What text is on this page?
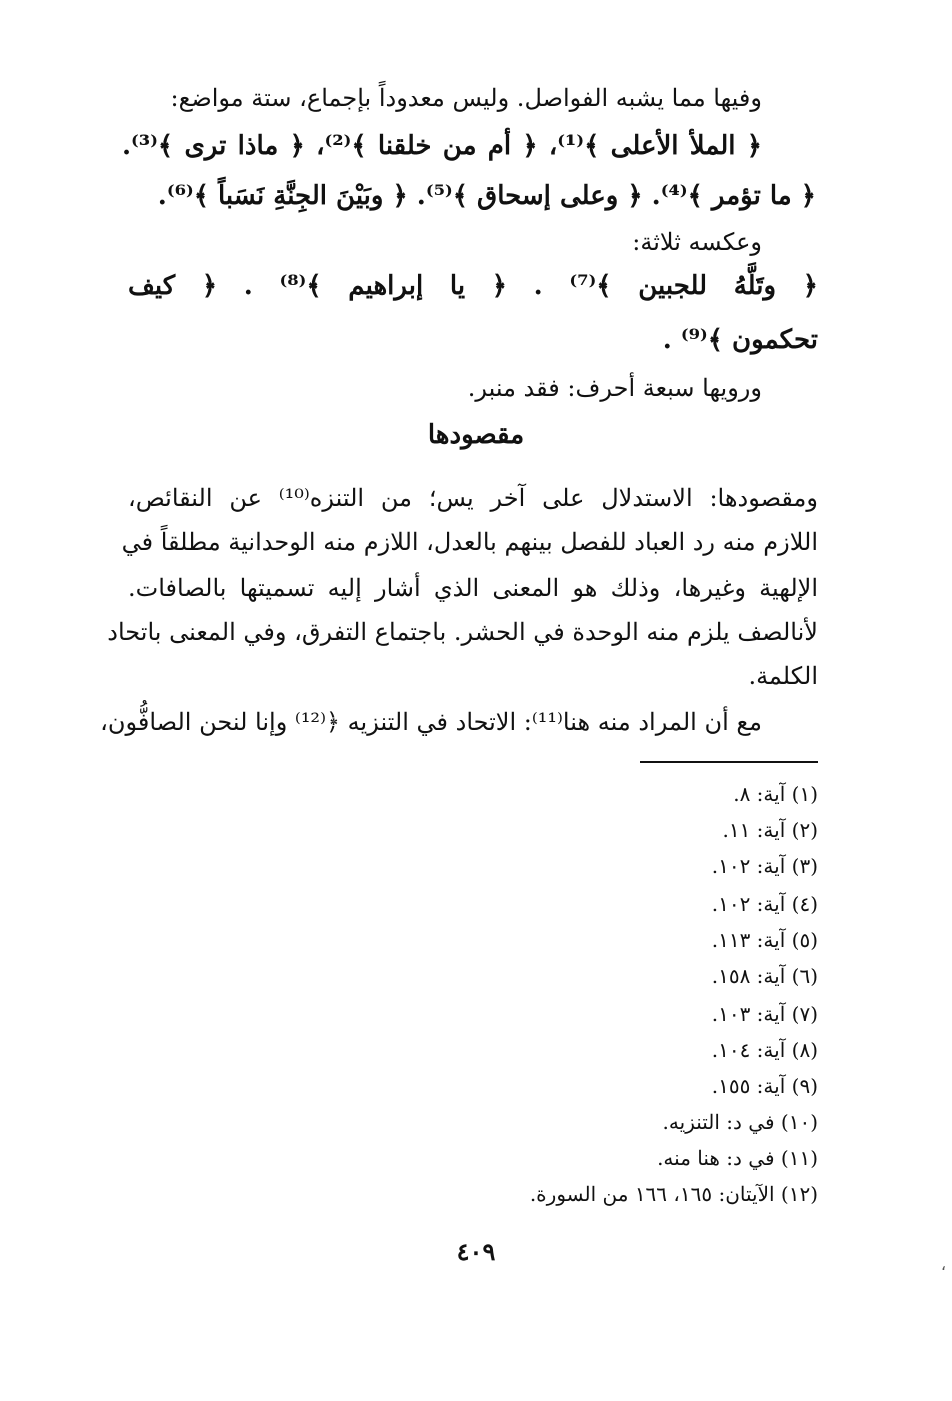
وفيها مما يشبه الفواصل. وليس معدوداً بإجماع، ستة مواضع:
﴿ الملأ الأعلى ﴾⁽¹⁾، ﴿ أم من خلقنا ﴾⁽²⁾، ﴿ ماذا ترى ﴾⁽³⁾.
﴿ ما تؤمر ﴾⁽⁴⁾. ﴿ وعلى إسحاق ﴾⁽⁵⁾. ﴿ وبَيْنَ الجِنَّةِ نَسَباً ﴾⁽⁶⁾.
وعكسه ثلاثة:
﴿ وتَلَّهُ للجبين ﴾⁽⁷⁾ . ﴿ يا إبراهيم ﴾⁽⁸⁾ . ﴿ كيف
تحكمون ﴾⁽⁹⁾ .
ورويها سبعة أحرف: فقد منبر.
مقصودها
ومقصودها: الاستدلال على آخر يس؛ من التنزه⁽¹⁰⁾ عن النقائص،
اللازم منه رد العباد للفصل بينهم بالعدل، اللازم منه الوحدانية مطلقاً في
الإلهية وغيرها، وذلك هو المعنى الذي أشار إليه تسميتها بالصافات.
لأنالصف يلزم منه الوحدة في الحشر. باجتماع التفرق، وفي المعنى باتحاد
الكلمة.
مع أن المراد منه هنا⁽¹¹⁾: الاتحاد في التنزيه ﴿⁽¹²⁾ وإنا لنحن الصافُّون،
(١) آية: ٨.
(٢) آية: ١١.
(٣) آية: ١٠٢.
(٤) آية: ١٠٢.
(٥) آية: ١١٣.
(٦) آية: ١٥٨.
(٧) آية: ١٠٣.
(٨) آية: ١٠٤.
(٩) آية: ١٥٥.
(١٠) في د: التنزيه.
(١١) في د: هنا منه.
(١٢) الآيتان: ١٦٥، ١٦٦ من السورة.
٤٠٩	،
